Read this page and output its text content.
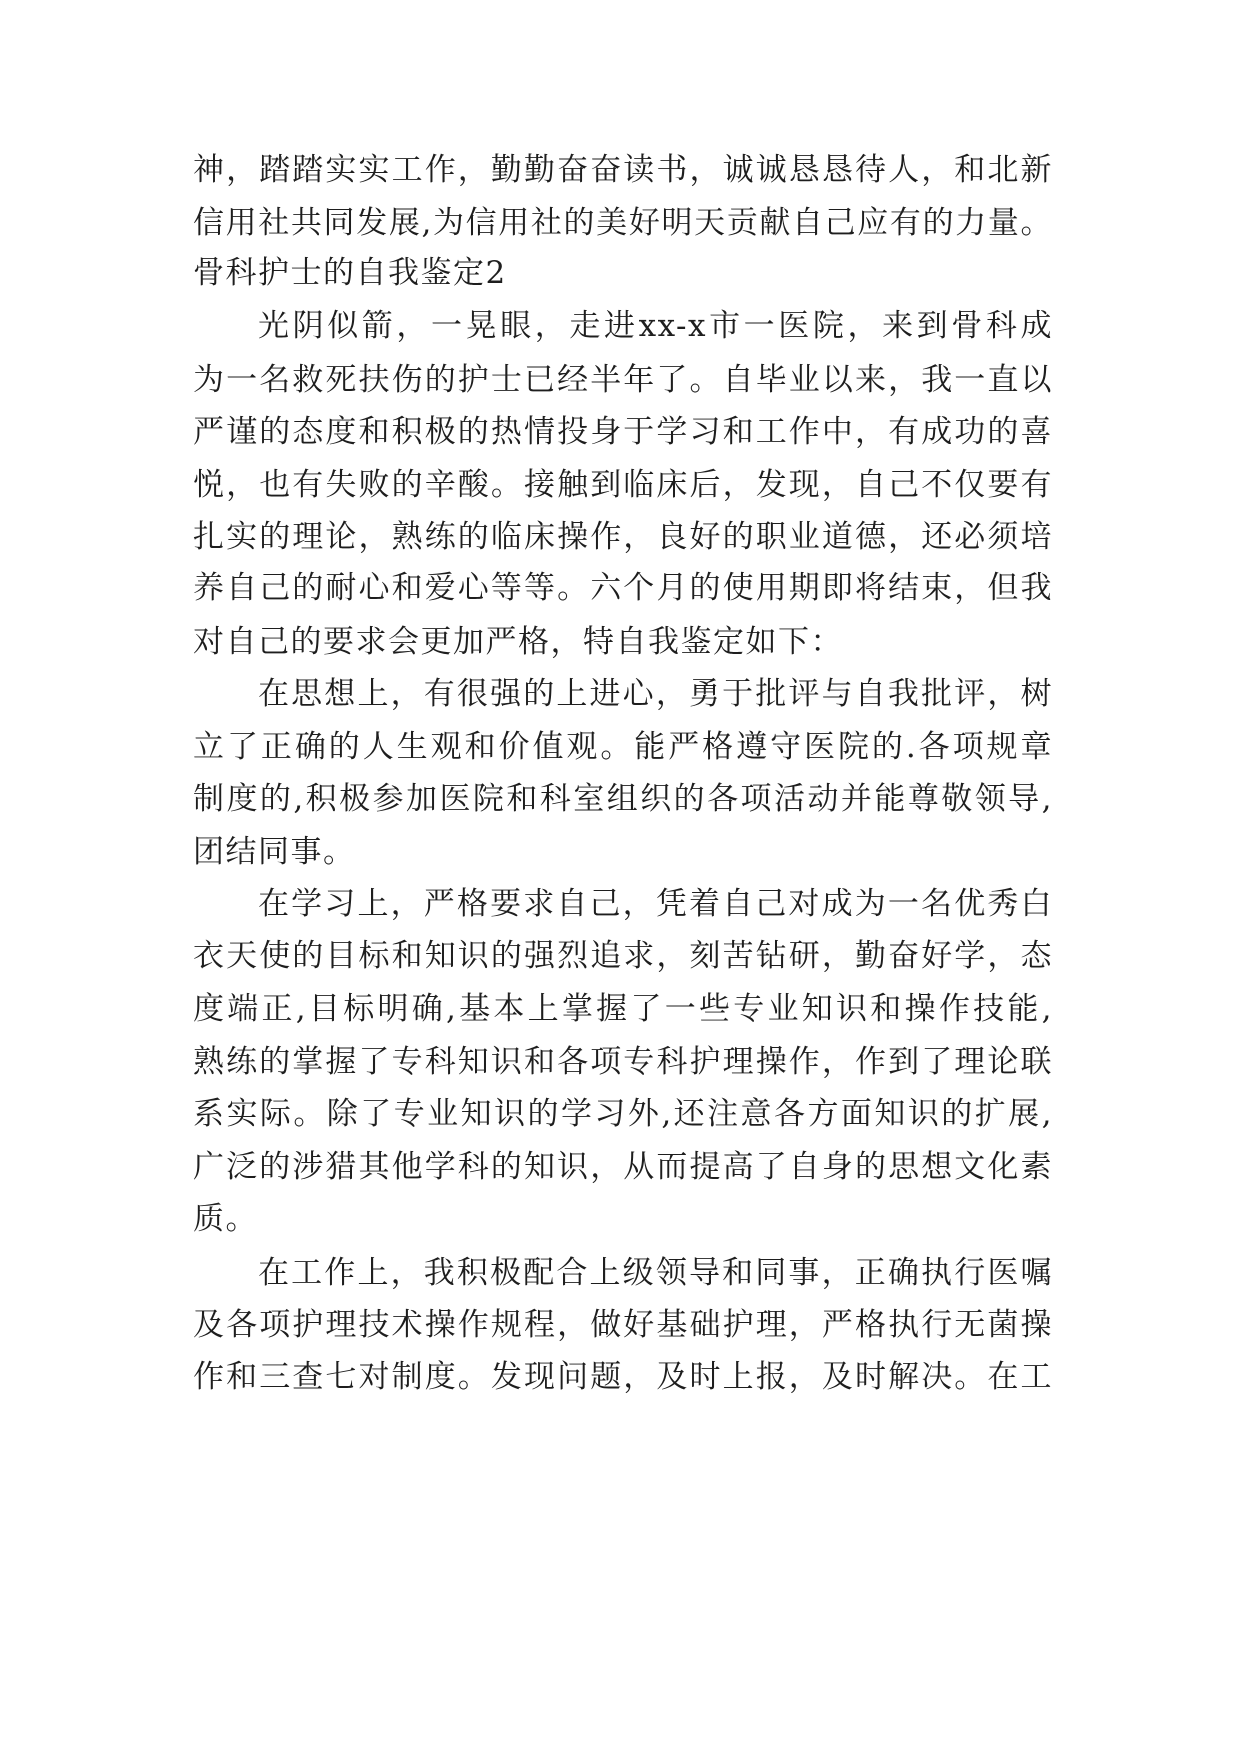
神，踏踏实实工作，勤勤奋奋读书，诚诚恳恳待人，和北新
信用社共同发展,为信用社的美好明天贡献自己应有的力量。
骨科护士的自我鉴定2
光阴似箭，一晃眼，走进xx-x市一医院，来到骨科成
为一名救死扶伤的护士已经半年了。自毕业以来，我一直以
严谨的态度和积极的热情投身于学习和工作中，有成功的喜
悦，也有失败的辛酸。接触到临床后，发现，自己不仅要有
扎实的理论，熟练的临床操作，良好的职业道德，还必须培
养自己的耐心和爱心等等。六个月的使用期即将结束，但我
对自己的要求会更加严格，特自我鉴定如下：
在思想上，有很强的上进心，勇于批评与自我批评，树
立了正确的人生观和价值观。能严格遵守医院的.各项规章
制度的,积极参加医院和科室组织的各项活动并能尊敬领导,
团结同事。
在学习上，严格要求自己，凭着自己对成为一名优秀白
衣天使的目标和知识的强烈追求，刻苦钻研，勤奋好学，态
度端正,目标明确,基本上掌握了一些专业知识和操作技能,
熟练的掌握了专科知识和各项专科护理操作，作到了理论联
系实际。除了专业知识的学习外,还注意各方面知识的扩展,
广泛的涉猎其他学科的知识，从而提高了自身的思想文化素
质。
在工作上，我积极配合上级领导和同事，正确执行医嘱
及各项护理技术操作规程，做好基础护理，严格执行无菌操
作和三查七对制度。发现问题，及时上报，及时解决。在工
